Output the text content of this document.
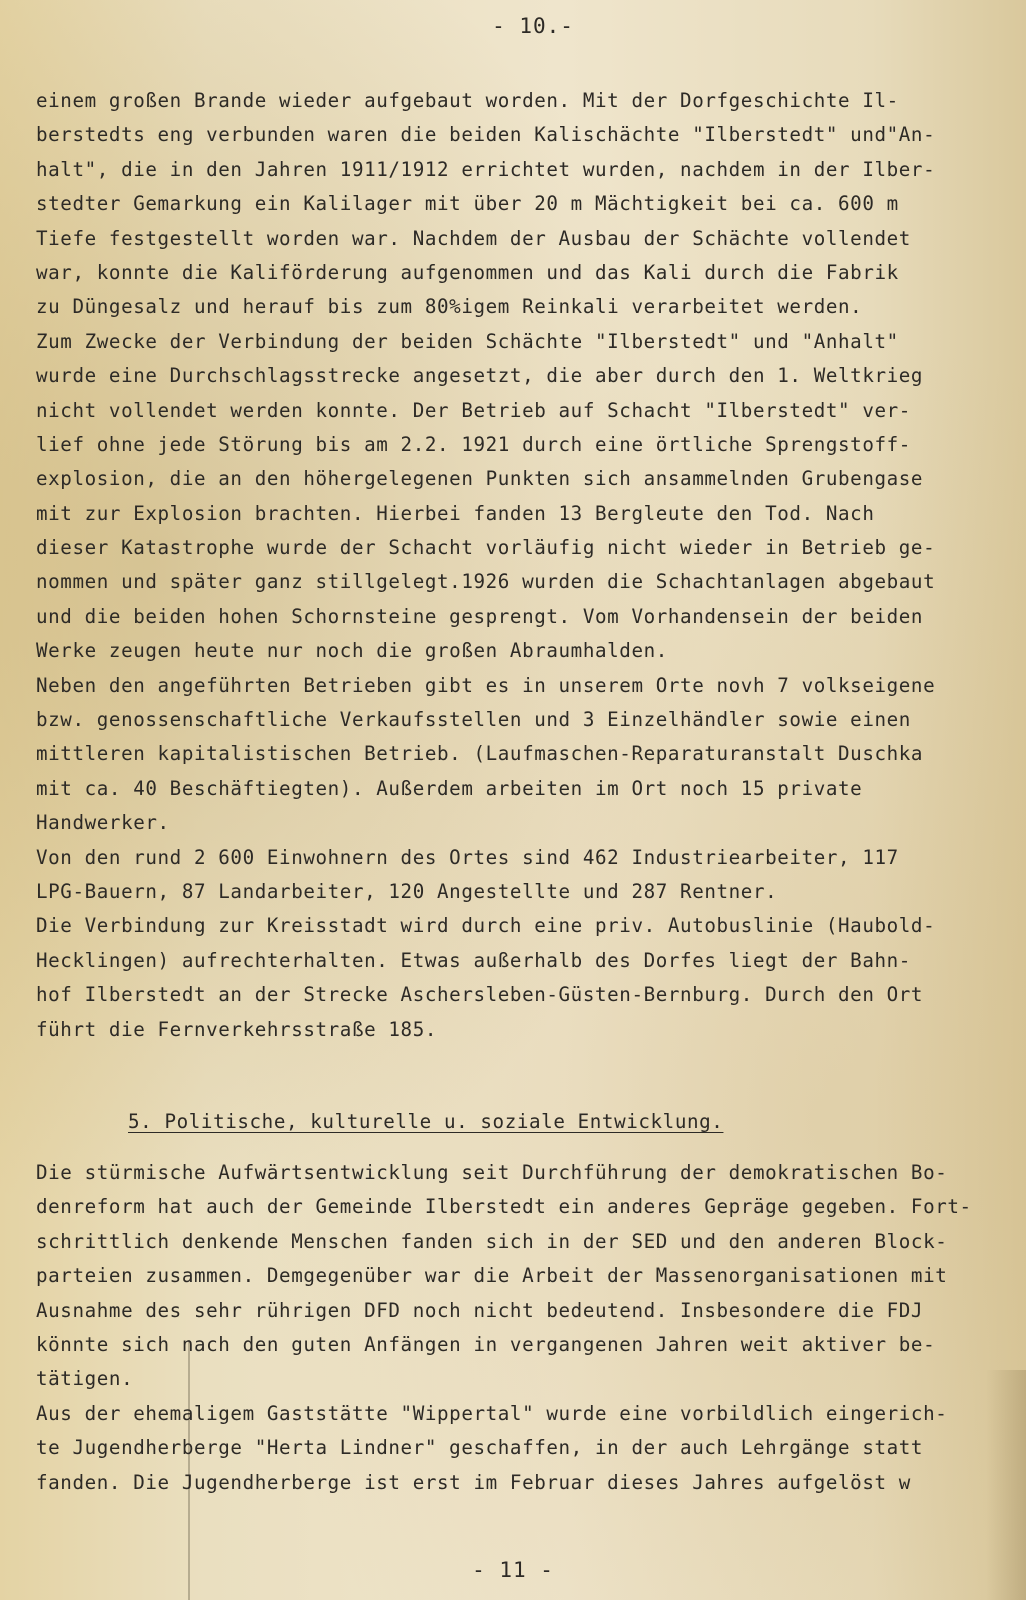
- 10.-
einem großen Brande wieder aufgebaut worden. Mit der Dorfgeschichte Il-
berstedts eng verbunden waren die beiden Kalischächte "Ilberstedt" und"An-
halt", die in den Jahren 1911/1912 errichtet wurden, nachdem in der Ilber-
stedter Gemarkung ein Kalilager mit über 20 m Mächtigkeit bei ca. 600 m
Tiefe festgestellt worden war. Nachdem der Ausbau der Schächte vollendet
war, konnte die Kaliförderung aufgenommen und das Kali durch die Fabrik
zu Düngesalz und herauf bis zum 80%igem Reinkali verarbeitet werden.
Zum Zwecke der Verbindung der beiden Schächte "Ilberstedt" und "Anhalt"
wurde eine Durchschlagsstrecke angesetzt, die aber durch den 1. Weltkrieg
nicht vollendet werden konnte. Der Betrieb auf Schacht "Ilberstedt" ver-
lief ohne jede Störung bis am 2.2. 1921 durch eine örtliche Sprengstoff-
explosion, die an den höhergelegenen Punkten sich ansammelnden Grubengase
mit zur Explosion brachten. Hierbei fanden 13 Bergleute den Tod. Nach
dieser Katastrophe wurde der Schacht vorläufig nicht wieder in Betrieb ge-
nommen und später ganz stillgelegt.1926 wurden die Schachtanlagen abgebaut
und die beiden hohen Schornsteine gesprengt. Vom Vorhandensein der beiden
Werke zeugen heute nur noch die großen Abraumhalden.
Neben den angeführten Betrieben gibt es in unserem Orte novh 7 volkseigene
bzw. genossenschaftliche Verkaufsstellen und 3 Einzelhändler sowie einen
mittleren kapitalistischen Betrieb. (Laufmaschen-Reparaturanstalt Duschka
mit ca. 40 Beschäftiegten). Außerdem arbeiten im Ort noch 15 private
Handwerker.
Von den rund 2 600 Einwohnern des Ortes sind 462 Industriearbeiter, 117
LPG-Bauern, 87 Landarbeiter, 120 Angestellte und 287 Rentner.
Die Verbindung zur Kreisstadt wird durch eine priv. Autobuslinie (Haubold-
Hecklingen) aufrechterhalten. Etwas außerhalb des Dorfes liegt der Bahn-
hof Ilberstedt an der Strecke Aschersleben-Güsten-Bernburg. Durch den Ort
führt die Fernverkehrsstraße 185.
5. Politische, kulturelle u. soziale Entwicklung.
Die stürmische Aufwärtsentwicklung seit Durchführung der demokratischen Bo-
denreform hat auch der Gemeinde Ilberstedt ein anderes Gepräge gegeben. Fort-
schrittlich denkende Menschen fanden sich in der SED und den anderen Block-
parteien zusammen. Demgegenüber war die Arbeit der Massenorganisationen mit
Ausnahme des sehr rührigen DFD noch nicht bedeutend. Insbesondere die FDJ
könnte sich nach den guten Anfängen in vergangenen Jahren weit aktiver be-
tätigen.
Aus der ehemaligem Gaststätte "Wippertal" wurde eine vorbildlich eingerich-
te Jugendherberge "Herta Lindner" geschaffen, in der auch Lehrgänge statt
fanden. Die Jugendherberge ist erst im Februar dieses Jahres aufgelöst w
- 11 -
